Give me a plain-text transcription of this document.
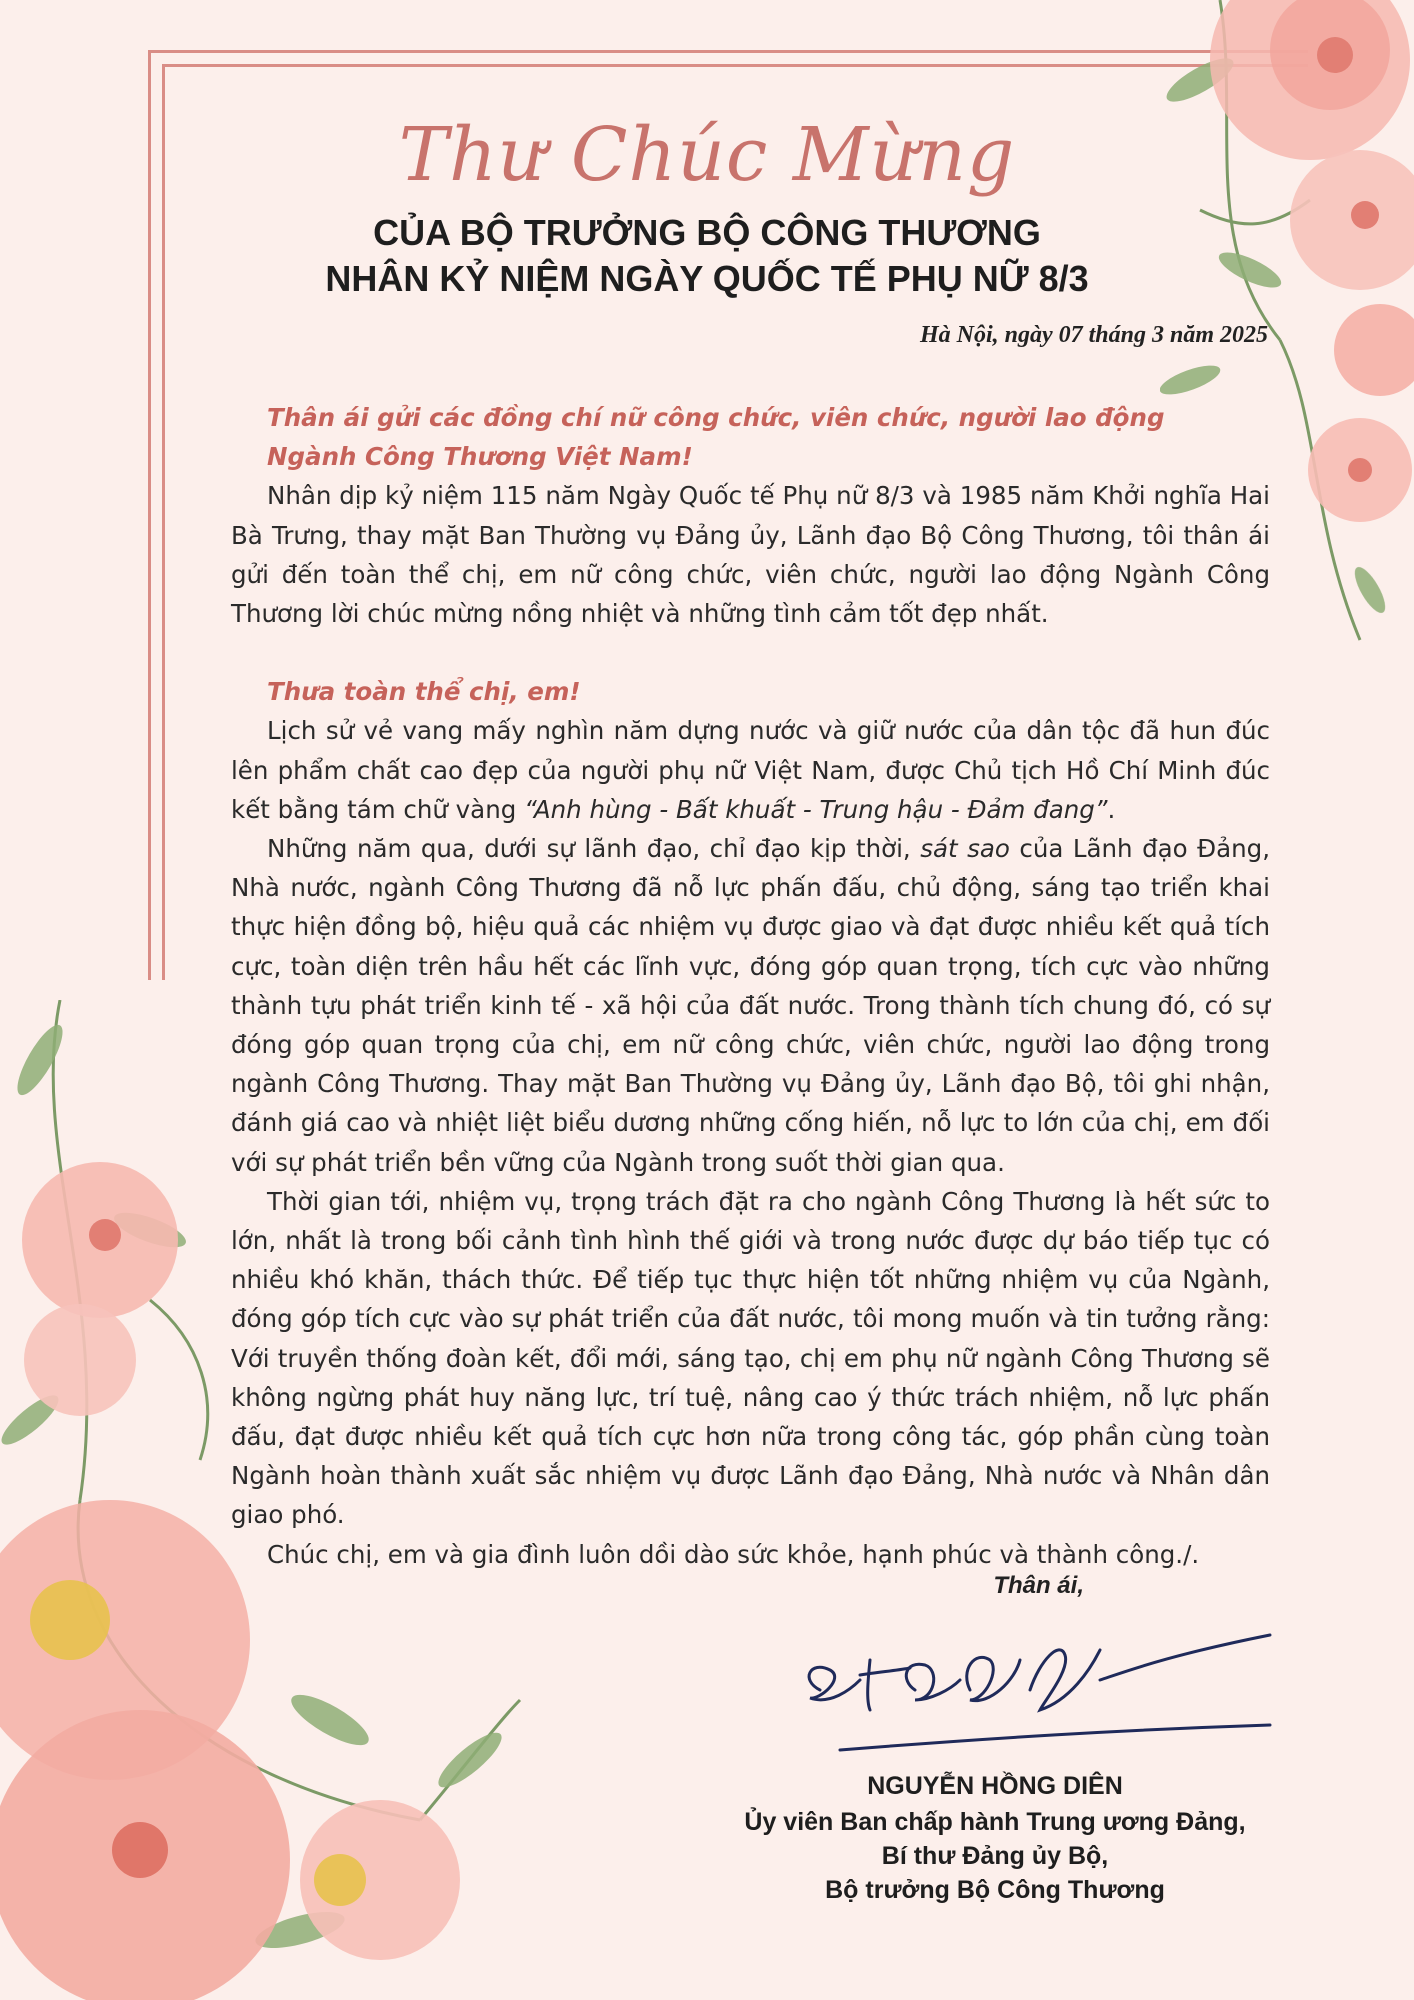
Thư Chúc Mừng
CỦA BỘ TRƯỞNG BỘ CÔNG THƯƠNG
NHÂN KỶ NIỆM NGÀY QUỐC TẾ PHỤ NỮ 8/3
Hà Nội, ngày 07 tháng 3 năm 2025

Thân ái gửi các đồng chí nữ công chức, viên chức, người lao động

Ngành Công Thương Việt Nam!

Nhân dịp kỷ niệm 115 năm Ngày Quốc tế Phụ nữ 8/3 và 1985 năm Khởi nghĩa Hai Bà Trưng, thay mặt Ban Thường vụ Đảng ủy, Lãnh đạo Bộ Công Thương, tôi thân ái gửi đến toàn thể chị, em nữ công chức, viên chức, người lao động Ngành Công Thương lời chúc mừng nồng nhiệt và những tình cảm tốt đẹp nhất.

Thưa toàn thể chị, em!

Lịch sử vẻ vang mấy nghìn năm dựng nước và giữ nước của dân tộc đã hun đúc lên phẩm chất cao đẹp của người phụ nữ Việt Nam, được Chủ tịch Hồ Chí Minh đúc kết bằng tám chữ vàng “Anh hùng - Bất khuất - Trung hậu - Đảm đang”.

Những năm qua, dưới sự lãnh đạo, chỉ đạo kịp thời, sát sao của Lãnh đạo Đảng, Nhà nước, ngành Công Thương đã nỗ lực phấn đấu, chủ động, sáng tạo triển khai thực hiện đồng bộ, hiệu quả các nhiệm vụ được giao và đạt được nhiều kết quả tích cực, toàn diện trên hầu hết các lĩnh vực, đóng góp quan trọng, tích cực vào những thành tựu phát triển kinh tế - xã hội của đất nước. Trong thành tích chung đó, có sự đóng góp quan trọng của chị, em nữ công chức, viên chức, người lao động trong ngành Công Thương. Thay mặt Ban Thường vụ Đảng ủy, Lãnh đạo Bộ, tôi ghi nhận, đánh giá cao và nhiệt liệt biểu dương những cống hiến, nỗ lực to lớn của chị, em đối với sự phát triển bền vững của Ngành trong suốt thời gian qua.

Thời gian tới, nhiệm vụ, trọng trách đặt ra cho ngành Công Thương là hết sức to lớn, nhất là trong bối cảnh tình hình thế giới và trong nước được dự báo tiếp tục có nhiều khó khăn, thách thức. Để tiếp tục thực hiện tốt những nhiệm vụ của Ngành, đóng góp tích cực vào sự phát triển của đất nước, tôi mong muốn và tin tưởng rằng: Với truyền thống đoàn kết, đổi mới, sáng tạo, chị em phụ nữ ngành Công Thương sẽ không ngừng phát huy năng lực, trí tuệ, nâng cao ý thức trách nhiệm, nỗ lực phấn đấu, đạt được nhiều kết quả tích cực hơn nữa trong công tác, góp phần cùng toàn Ngành hoàn thành xuất sắc nhiệm vụ được Lãnh đạo Đảng, Nhà nước và Nhân dân giao phó.

Chúc chị, em và gia đình luôn dồi dào sức khỏe, hạnh phúc và thành công./.

Thân ái,
NGUYỄN HỒNG DIÊN
Ủy viên Ban chấp hành Trung ương Đảng,
Bí thư Đảng ủy Bộ,
Bộ trưởng Bộ Công Thương
